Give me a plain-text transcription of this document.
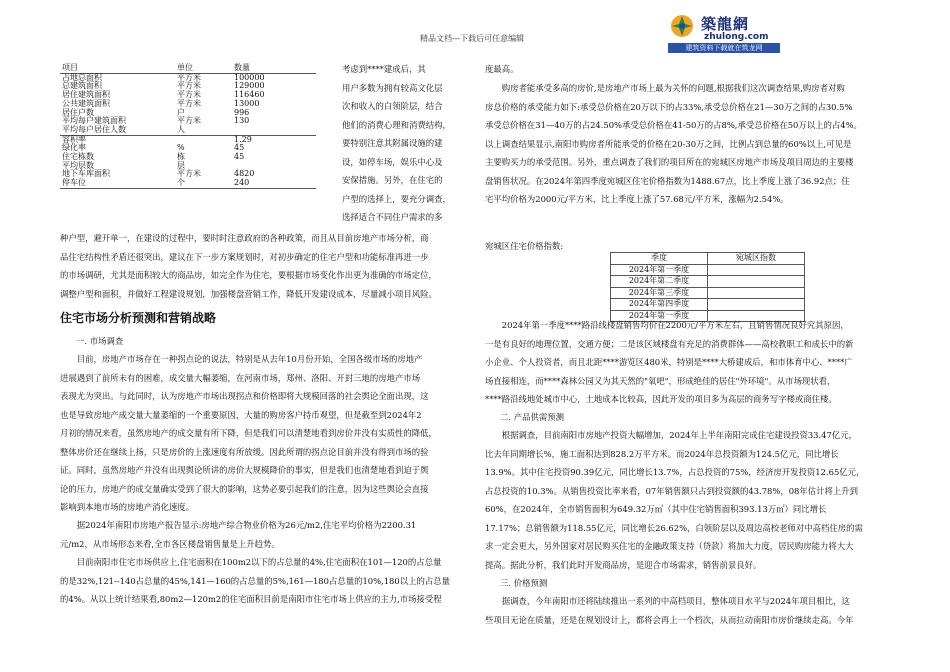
精品文档---下载后可任意编辑
築龍網
zhulong.com
建筑资料下载就在筑龙网
项目	单位	数量
占地总面积	平方米	100000
总建筑面积	平方米	129000
居住建筑面积	平方米	116460
公共建筑面积	平方米	13000
居住户数	户	996
平均每户建筑面积	平方米	130
平均每户居住人数	人	
容积率		1.29
绿化率	%	45
住宅栋数	栋	45
平均层数	层	
地下车库面积	平方米	4820
停车位	个	240
考虑到****建成后，其
用户多数为拥有较高文化层
次和收入的白领阶层，结合
他们的消费心理和消费结构，
要特别注意其附属设施的建
设，如停车场，娱乐中心及
安保措施。另外，在住宅的
户型的选择上，要充分调查，
选择适合不同住户需求的多
种户型，避开单一，在建设的过程中，要时时注意政府的各种政策，而且从目前房地产市场分析，商
品住宅结构性矛盾还很突出，建议在下一步方案规划时，对初步确定的住宅户型和功能标准再进一步
的市场调研，尤其是面积较大的商品房，如完全作为住宅，要根据市场变化作出更为准确的市场定位，
调整户型和面积，并做好工程建设规划，加强楼盘营销工作，降低开发建设成本，尽量减小项目风险。
住宅市场分析预测和营销战略
一. 市场调查
目前，房地产市场存在一种拐点论的说法，特别是从去年10月份开始，全国各级市场的房地产
进展遇到了前所未有的困难，成交量大幅萎缩，在河南市场，郑州、洛阳、开封三地的房地产市场
表现尤为突出。与此同时，认为房地产市场出现拐点和价格即将大规模回落的社会舆论全面出现，这
也是导致房地产成交量大量萎缩的一个重要原因，大量的购房客户持币观望，但是截至到2024年2
月初的情况来看，虽然房地产的成交量有所下降，但是我们可以清楚地看到房价并没有实质性的降低，
整体房价还在继续上扬，只是房价的上涨速度有所放缓。因此所谓的拐点论目前并没有得到市场的验
证。同时，虽然房地产并没有出现舆论所讲的房价大规模降价的事实，但是我们也清楚地看到迫于舆
论的压力，房地产的成交量确实受到了很大的影响，这势必要引起我们的注意，因为这些舆论会直接
影响到本地市场的房地产消化速度。
据2024年南阳市房地产报告显示:房地产综合物业价格为26元/m2,住宅平均价格为2200.31
元/m2，从市场形态来看,全市各区楼盘销售量是上升趋势。
目前南阳市住宅市场供应上,住宅面积在100m2以下的占总量的4%,住宅面积在101—120的占总量
的是32%,121--140占总量的45%,141—160的占总量的5%,161—180占总量的10%,180以上的占总量
的4%。从以上统计结果看,80m2—120m2的住宅面积目前是南阳市住宅市场上供应的主力,市场接受程
度最高。
购房者能承受多高的房价,是房地产市场上最为关怀的问题,根据我们这次调查结果,购房者对购
房总价格的承受能力如下:承受总价格在20万以下的占33%,承受总价格在21—30万之间的占30.5%
承受总价格在31—40万的占24.50%承受总价格在41-50万的占8%,承受总价格在50万以上的占4%。
以上调查结果显示,南阳市购房者所能承受的价格在20-30万之间，比例占到总量的60%以上,可见是
主要购买力的承受范围。另外，重点调查了我们的项目所在的宛城区房地产市场及项目周边的主要楼
盘销售状况。在2024年第四季度宛城区住宅价格指数为1488.67点，比上季度上涨了36.92点；住
宅平均价格为2000元/平方米，比上季度上涨了57.68元/平方米，涨幅为2.54%。
宛城区住宅价格指数:
季度	宛城区指数
2024年第一季度	
2024年第二季度	
2024年第三季度	
2024年第四季度	
2024年第一季度	
2024年第一季度****路沿线楼盘销售均价在2200元/平方米左右，且销售情况良好究其原因，
一是有良好的地理位置，交通方便；二是该区域楼盘有充足的消费群体——高校教职工和成长中的新
小企业、个人投资者，而且北距****游览区480米，特别是****大桥建成后，和市体育中心、****广
场直接相连，而****森林公园又为其天然的"氧吧"，形成绝佳的居住"外环境"。从市场现状看，
****路沿线地处城市中心，土地成本比较高，因此开发的项目多为高层的商务写字楼或商住楼。
二. 产品供需预测
根据调查，目前南阳市房地产投资大幅增加，2024年上半年南阳完成住宅建设投资33.47亿元，
比去年同期增长%，施工面积达到828.2万平方米。而2024年总投资额为124.5亿元，同比增长
13.9%。其中住宅投资90.39亿元，同比增长13.7%，占总投资的75%，经济房开发投资12.65亿元，
占总投资的10.3%。从销售投资比率来看，07年销售额只占到投资额的43.78%，08年估计将上升到
60%，在2024年，全市销售面积为649.32万㎡（其中住宅销售面积393.13万㎡）同比增长
17.17%；总销售额为118.55亿元，同比增长26.62%，白领阶层以及周边高校老师对中高档住房的需
求一定会更大，另外国家对居民购买住宅的金融政策支持（贷款）将加大力度，居民购房能力将大大
提高。据此分析，我们此时开发商品房，是迎合市场需求，销售前景良好。
三. 价格预测
据调查，今年南阳市还将陆续推出一系列的中高档项目，整体项目水平与2024年项目相比，这
些项目无论在质量，还是在规划设计上，都将会再上一个档次，从而拉动南阳市房价继续走高。今年
